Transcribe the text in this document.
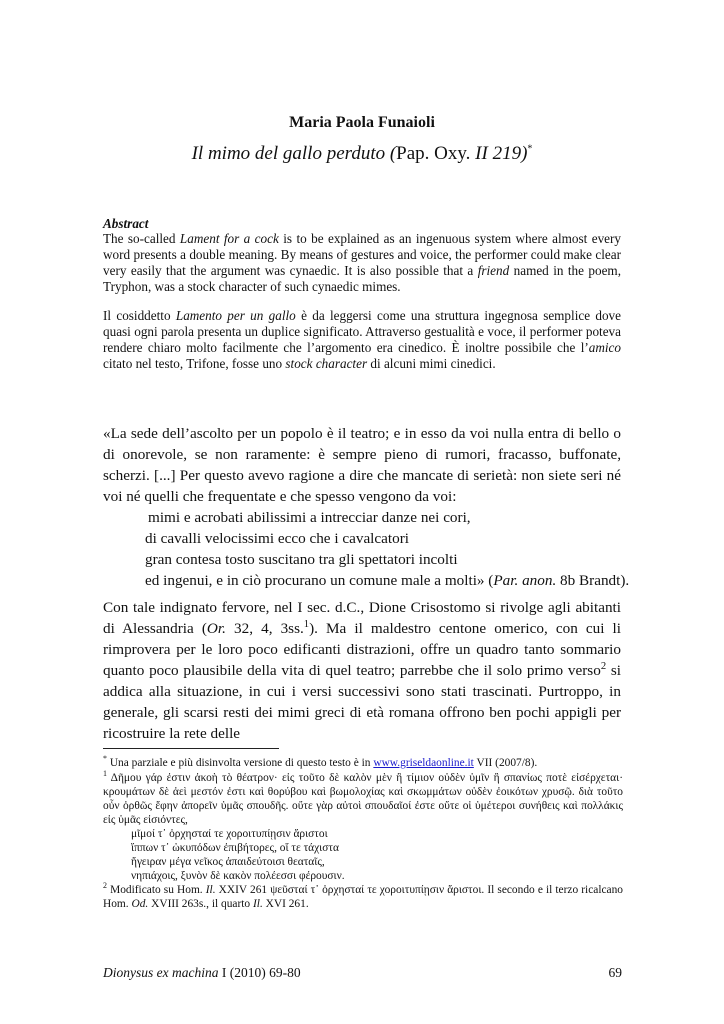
Maria Paola Funaioli
Il mimo del gallo perduto (Pap. Oxy. II 219)*
Abstract
The so-called Lament for a cock is to be explained as an ingenuous system where almost every word presents a double meaning. By means of gestures and voice, the performer could make clear very easily that the argument was cynaedic. It is also possible that a friend named in the poem, Tryphon, was a stock character of such cynaedic mimes.
Il cosiddetto Lamento per un gallo è da leggersi come una struttura ingegnosa semplice dove quasi ogni parola presenta un duplice significato. Attraverso gestualità e voce, il performer poteva rendere chiaro molto facilmente che l’argomento era cinedico. È inoltre possibile che l’amico citato nel testo, Trifone, fosse uno stock character di alcuni mimi cinedici.
«La sede dell’ascolto per un popolo è il teatro; e in esso da voi nulla entra di bello o di onorevole, se non raramente: è sempre pieno di rumori, fracasso, buffonate, scherzi. [...] Per questo avevo ragione a dire che mancate di serietà: non siete seri né voi né quelli che frequentate e che spesso vengono da voi:
mimi e acrobati abilissimi a intrecciar danze nei cori,
di cavalli velocissimi ecco che i cavalcatori
gran contesa tosto suscitano tra gli spettatori incolti
ed ingenui, e in ciò procurano un comune male a molti» (Par. anon. 8b Brandt).
Con tale indignato fervore, nel I sec. d.C., Dione Crisostomo si rivolge agli abitanti di Alessandria (Or. 32, 4, 3ss.$^1$). Ma il maldestro centone omerico, con cui li rimprovera per le loro poco edificanti distrazioni, offre un quadro tanto sommario quanto poco plausibile della vita di quel teatro; parrebbe che il solo primo verso$^2$ si addica alla situazione, in cui i versi successivi sono stati trascinati. Purtroppo, in generale, gli scarsi resti dei mimi greci di età romana offrono ben pochi appigli per ricostruire la rete delle
* Una parziale e più disinvolta versione di questo testo è in www.griseldaonline.it VII (2007/8).
$^1$ Δῆμου γάρ ἐστιν ἀκοὴ τὸ θέατρον· εἰς τοῦτο δὲ καλὸν μὲν ἢ τίμιον οὐδὲν ὑμῖν ἢ σπανίως ποτὲ εἰσέρχεται· κρουμάτων δὲ ἀεὶ μεστόν ἐστι καὶ θορύβου καὶ βωμολοχίας καὶ σκωμμάτων οὐδὲν ἐοικότων χρυσῷ. διὰ τοῦτο οὖν ὀρθῶς ἔφην ἀπορεῖν ὑμᾶς σπουδῆς. οὔτε γὰρ αὐτοὶ σπουδαῖοί ἐστε οὔτε οἱ ὑμέτεροι συνήθεις καὶ πολλάκις εἰς ὑμᾶς εἰσιόντες,
μῖμοί τ᾽ ὀρχησταί τε χοροιτυπίῃσιν ἄριστοι
ἵππων τ᾽ ὠκυπόδων ἐπιβήτορες, οἵ τε τάχιστα
ἤγειραν μέγα νεῖκος ἀπαιδεύτοισι θεαταῖς,
νηπιάχοις, ξυνὸν δὲ κακὸν πολέεσσι φέρουσιν.
$^2$ Modificato su Hom. Il. XXIV 261 ψεῦσταί τ᾽ ὀρχησταί τε χοροιτυπίῃσιν ἄριστοι. Il secondo e il terzo ricalcano Hom. Od. XVIII 263s., il quarto Il. XVI 261.
Dionysus ex machina I (2010) 69-80	69
